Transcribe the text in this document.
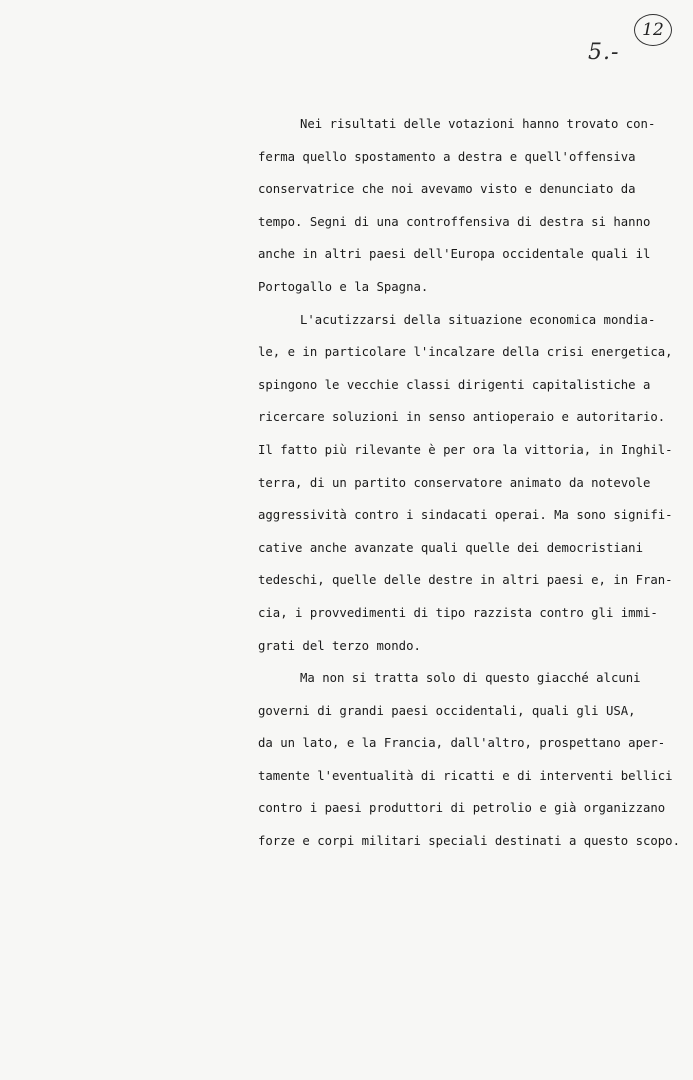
12
5.-
Nei risultati delle votazioni hanno trovato con-
ferma quello spostamento a destra e quell'offensiva
conservatrice che noi avevamo visto e denunciato da
tempo. Segni di una controffensiva di destra si hanno
anche in altri paesi dell'Europa occidentale quali il
Portogallo e la Spagna.
L'acutizzarsi della situazione economica mondia-
le, e in particolare l'incalzare della crisi energetica,
spingono le vecchie classi dirigenti capitalistiche a
ricercare soluzioni in senso antioperaio e autoritario.
Il fatto più rilevante è per ora la vittoria, in Inghil-
terra, di un partito conservatore animato da notevole
aggressività contro i sindacati operai. Ma sono signifi-
cative anche avanzate quali quelle dei democristiani
tedeschi, quelle delle destre in altri paesi e, in Fran-
cia, i provvedimenti di tipo razzista contro gli immi-
grati del terzo mondo.
Ma non si tratta solo di questo giacché alcuni
governi di grandi paesi occidentali, quali gli USA,
da un lato, e la Francia, dall'altro, prospettano aper-
tamente l'eventualità di ricatti e di interventi bellici
contro i paesi produttori di petrolio e già organizzano
forze e corpi militari speciali destinati a questo scopo.
